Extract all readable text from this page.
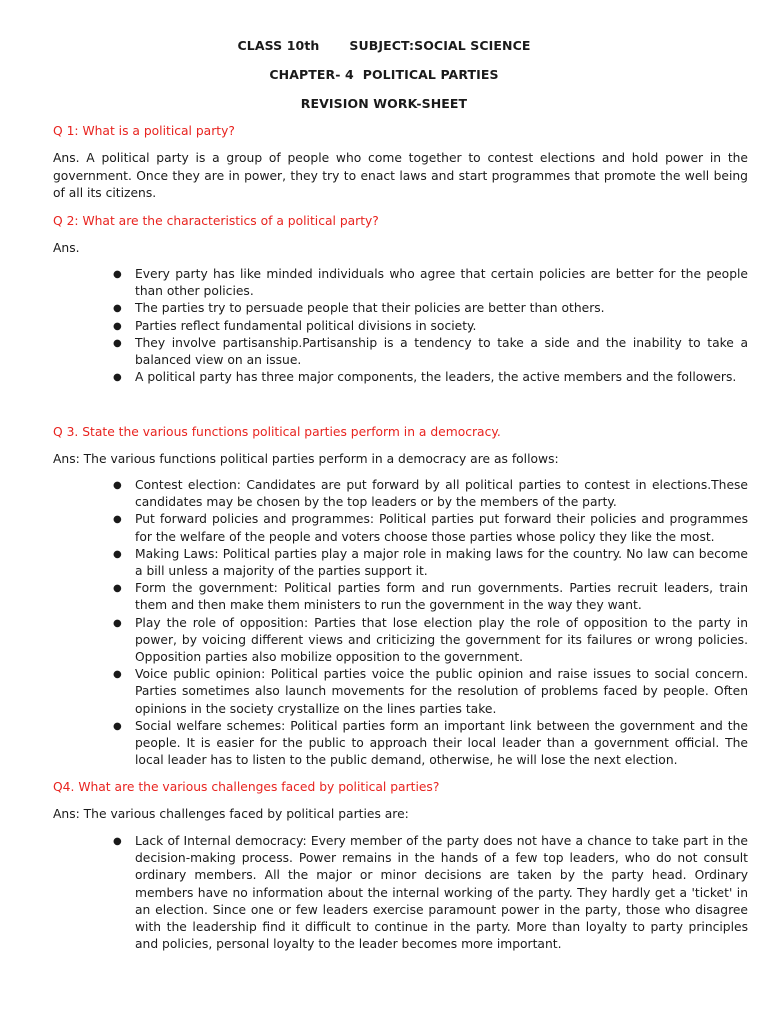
CLASS 10th SUBJECT:SOCIAL SCIENCE
CHAPTER- 4  POLITICAL PARTIES
REVISION WORK-SHEET
Q 1: What is a political party?

Ans. A political party is a group of people who come together to contest elections and hold power in the government. Once they are in power, they try to enact laws and start programmes that promote the well being of all its citizens.

Q 2: What are the characteristics of a political party?

Ans.

● Every party has like minded individuals who agree that certain policies are better for the people than other policies.
● The parties try to persuade people that their policies are better than others.
● Parties reflect fundamental political divisions in society.
● They involve partisanship.Partisanship is a tendency to take a side and the inability to take a balanced view on an issue.
● A political party has three major components, the leaders, the active members and the followers.
Q 3. State the various functions political parties perform in a democracy.

Ans: The various functions political parties perform in a democracy are as follows:

● Contest election: Candidates are put forward by all political parties to contest in elections.These candidates may be chosen by the top leaders or by the members of the party.
● Put forward policies and programmes: Political parties put forward their policies and programmes for the welfare of the people and voters choose those parties whose policy they like the most.
● Making Laws: Political parties play a major role in making laws for the country. No law can become a bill unless a majority of the parties support it.
● Form the government: Political parties form and run governments. Parties recruit leaders, train them and then make them ministers to run the government in the way they want.
● Play the role of opposition: Parties that lose election play the role of opposition to the party in power, by voicing different views and criticizing the government for its failures or wrong policies. Opposition parties also mobilize opposition to the government.
● Voice public opinion: Political parties voice the public opinion and raise issues to social concern. Parties sometimes also launch movements for the resolution of problems faced by people. Often opinions in the society crystallize on the lines parties take.
● Social welfare schemes: Political parties form an important link between the government and the people. It is easier for the public to approach their local leader than a government official. The local leader has to listen to the public demand, otherwise, he will lose the next election.
Q4. What are the various challenges faced by political parties?

Ans: The various challenges faced by political parties are:

● Lack of Internal democracy: Every member of the party does not have a chance to take part in the decision-making process. Power remains in the hands of a few top leaders, who do not consult ordinary members. All the major or minor decisions are taken by the party head. Ordinary members have no information about the internal working of the party. They hardly get a 'ticket' in an election. Since one or few leaders exercise paramount power in the party, those who disagree with the leadership find it difficult to continue in the party. More than loyalty to party principles and policies, personal loyalty to the leader becomes more important.
